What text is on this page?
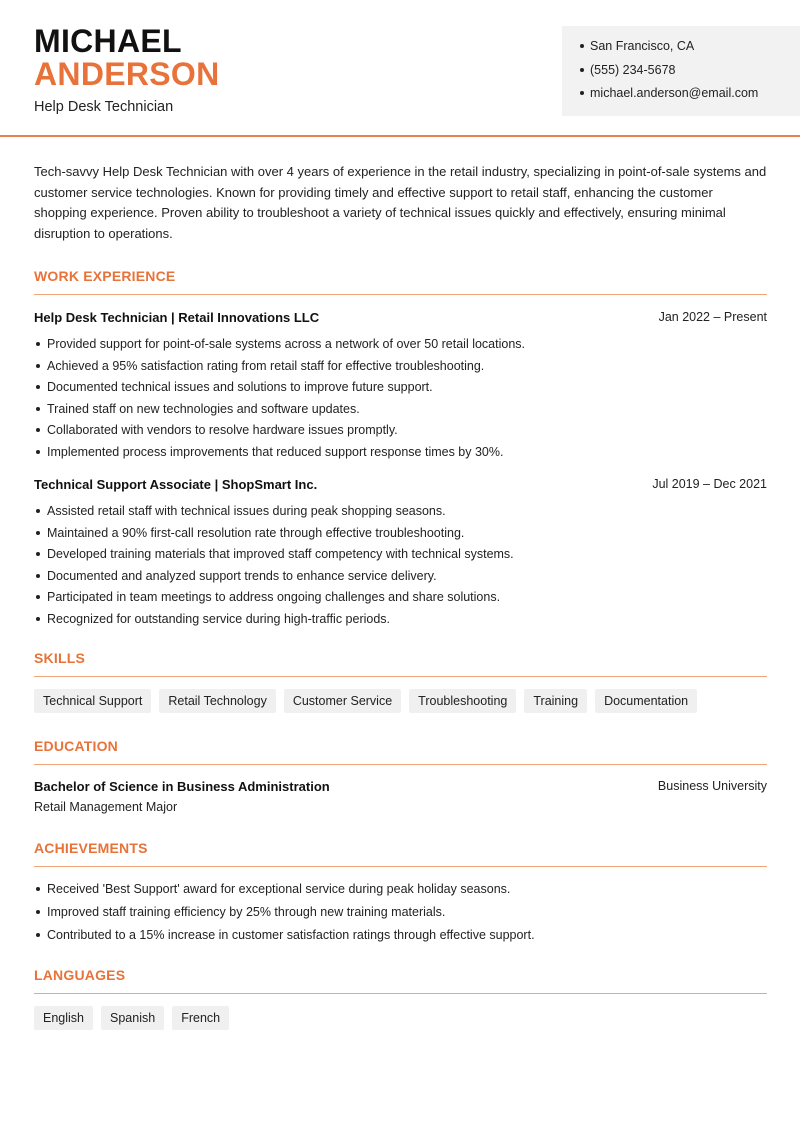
MICHAEL
ANDERSON
Help Desk Technician
San Francisco, CA
(555) 234-5678
michael.anderson@email.com

Tech-savvy Help Desk Technician with over 4 years of experience in the retail industry, specializing in point-of-sale systems and customer service technologies. Known for providing timely and effective support to retail staff, enhancing the customer shopping experience. Proven ability to troubleshoot a variety of technical issues quickly and effectively, ensuring minimal disruption to operations.

WORK EXPERIENCE
Help Desk Technician | Retail Innovations LLC	Jan 2022 – Present
Provided support for point-of-sale systems across a network of over 50 retail locations.
Achieved a 95% satisfaction rating from retail staff for effective troubleshooting.
Documented technical issues and solutions to improve future support.
Trained staff on new technologies and software updates.
Collaborated with vendors to resolve hardware issues promptly.
Implemented process improvements that reduced support response times by 30%.
Technical Support Associate | ShopSmart Inc.	Jul 2019 – Dec 2021
Assisted retail staff with technical issues during peak shopping seasons.
Maintained a 90% first-call resolution rate through effective troubleshooting.
Developed training materials that improved staff competency with technical systems.
Documented and analyzed support trends to enhance service delivery.
Participated in team meetings to address ongoing challenges and share solutions.
Recognized for outstanding service during high-traffic periods.
SKILLS
Technical Support	Retail Technology	Customer Service	Troubleshooting	Training	Documentation
EDUCATION
Bachelor of Science in Business Administration	Business University
Retail Management Major
ACHIEVEMENTS
Received 'Best Support' award for exceptional service during peak holiday seasons.
Improved staff training efficiency by 25% through new training materials.
Contributed to a 15% increase in customer satisfaction ratings through effective support.
LANGUAGES
English	Spanish	French
